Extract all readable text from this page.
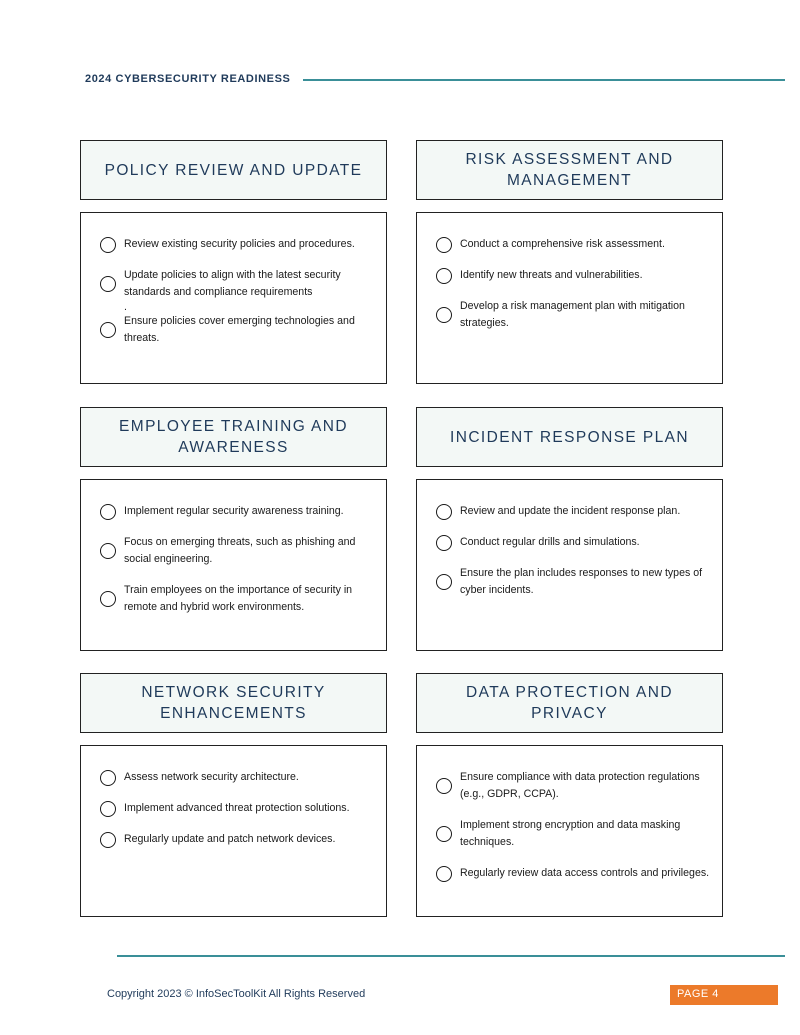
2024 CYBERSECURITY READINESS
POLICY REVIEW AND UPDATE
Review existing security policies and procedures.
Update policies to align with the latest security standards and compliance requirements
.
Ensure policies cover emerging technologies and threats.
RISK ASSESSMENT AND MANAGEMENT
Conduct a comprehensive risk assessment.
Identify new threats and vulnerabilities.
Develop a risk management plan with mitigation strategies.
EMPLOYEE TRAINING AND AWARENESS
Implement regular security awareness training.
Focus on emerging threats, such as phishing and social engineering.
Train employees on the importance of security in remote and hybrid work environments.
INCIDENT RESPONSE PLAN
Review and update the incident response plan.
Conduct regular drills and simulations.
Ensure the plan includes responses to new types of cyber incidents.
NETWORK SECURITY ENHANCEMENTS
Assess network security architecture.
Implement advanced threat protection solutions.
Regularly update and patch network devices.
DATA PROTECTION AND PRIVACY
Ensure compliance with data protection regulations (e.g., GDPR, CCPA).
Implement strong encryption and data masking techniques.
Regularly review data access controls and privileges.
Copyright 2023 © InfoSecToolKit All Rights Reserved	PAGE 4
